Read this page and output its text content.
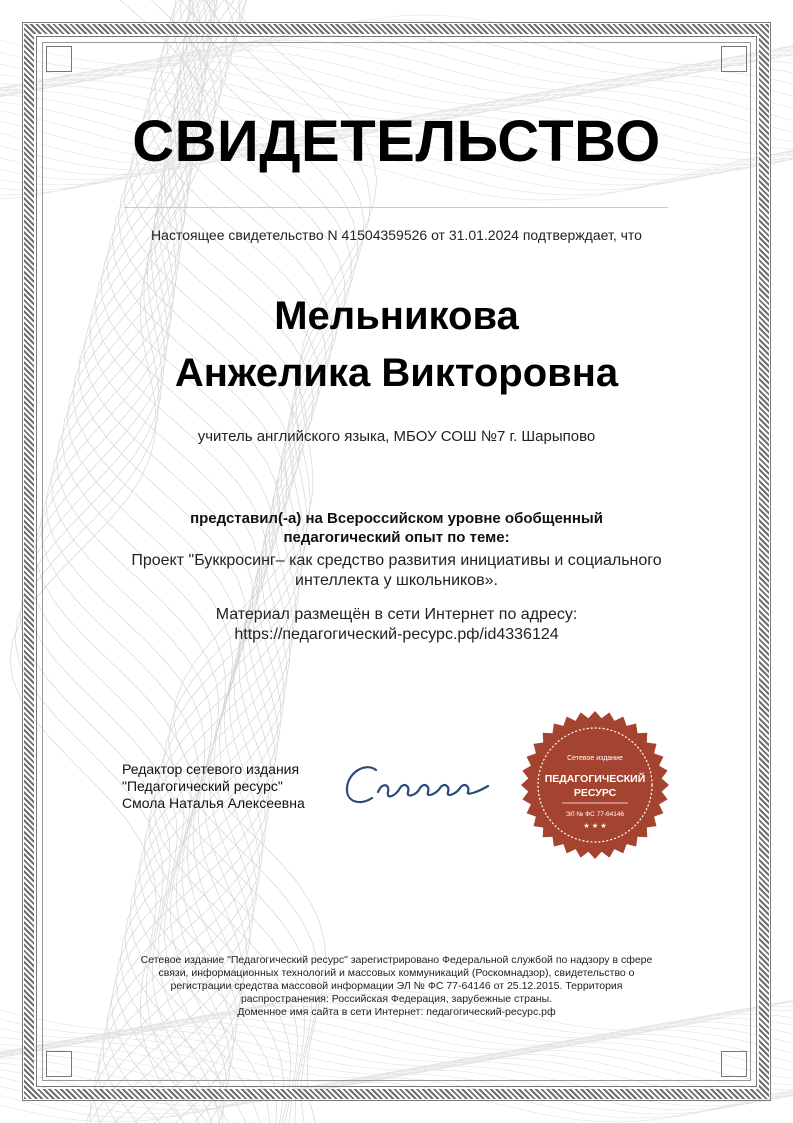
СВИДЕТЕЛЬСТВО
Настоящее свидетельство N 41504359526 от 31.01.2024 подтверждает, что
Мельникова
Анжелика Викторовна
учитель английского языка, МБОУ СОШ №7 г. Шарыпово
представил(-а) на Всероссийском уровне обобщенный
педагогический опыт по теме:
Проект "Буккросинг– как средство развития инициативы и социального
интеллекта у школьников».
Материал размещён в сети Интернет по адресу:
https://педагогический-ресурс.рф/id4336124
Редактор сетевого издания
"Педагогический ресурс"
Смола Наталья Алексеевна
Сетевое издание
ПЕДАГОГИЧЕСКИЙ
РЕСУРС
ЭЛ № ФС 77-64146
★ ★ ★
Сетевое издание "Педагогический ресурс" зарегистрировано Федеральной службой по надзору в сфере
связи, информационных технологий и массовых коммуникаций (Роскомнадзор), свидетельство о
регистрации средства массовой информации ЭЛ № ФС 77-64146 от 25.12.2015. Территория
распространения: Российская Федерация, зарубежные страны.
Доменное имя сайта в сети Интернет: педагогический-ресурс.рф
